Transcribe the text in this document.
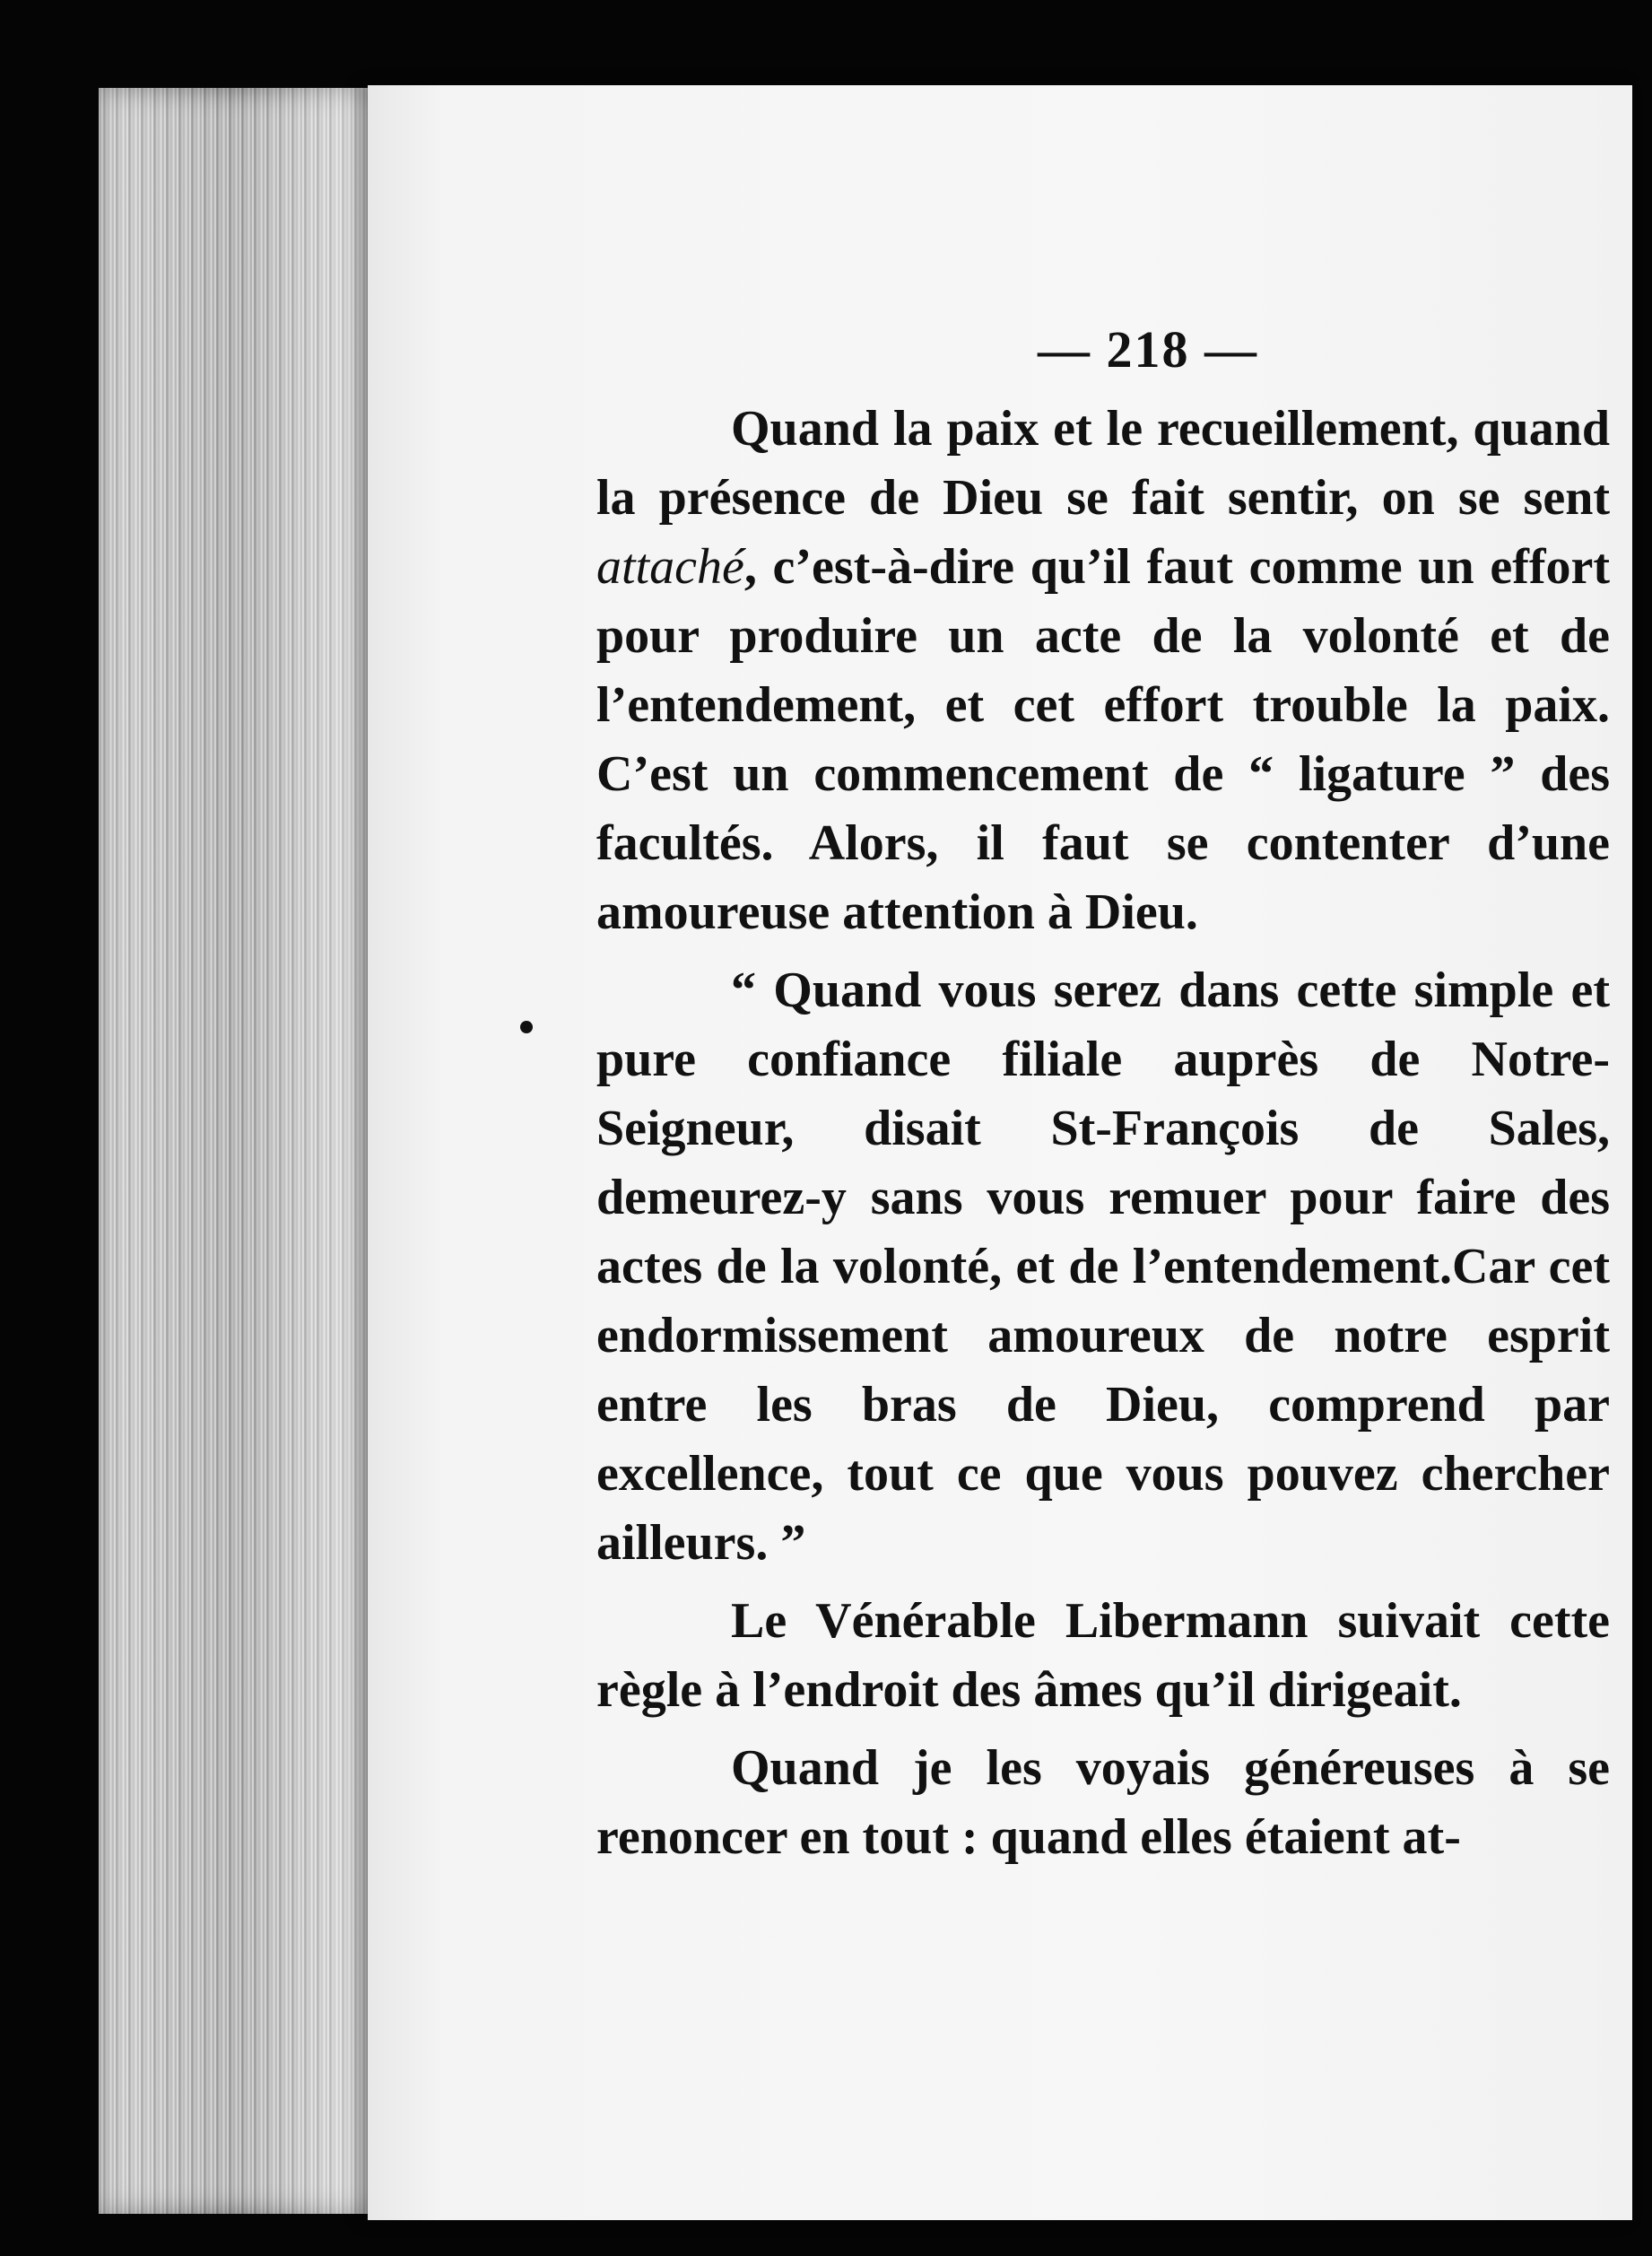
— 218 —

Quand la paix et le recueillement, quand la présence de Dieu se fait sentir, on se sent attaché, c’est-à-dire qu’il faut comme un effort pour produire un acte de la volonté et de l’entendement, et cet effort trouble la paix. C’est un commencement de “ ligature ” des facultés. Alors, il faut se contenter d’une amoureuse attention à Dieu.

“ Quand vous serez dans cette simple et pure confiance filiale auprès de Notre-Seigneur, disait St-François de Sales, demeurez-y sans vous remuer pour faire des actes de la volonté, et de l’entendement.Car cet endormissement amoureux de notre esprit entre les bras de Dieu, comprend par excellence, tout ce que vous pouvez chercher ailleurs. ”

Le Vénérable Libermann suivait cette règle à l’endroit des âmes qu’il dirigeait.

Quand je les voyais généreuses à se renoncer en tout : quand elles étaient at-
